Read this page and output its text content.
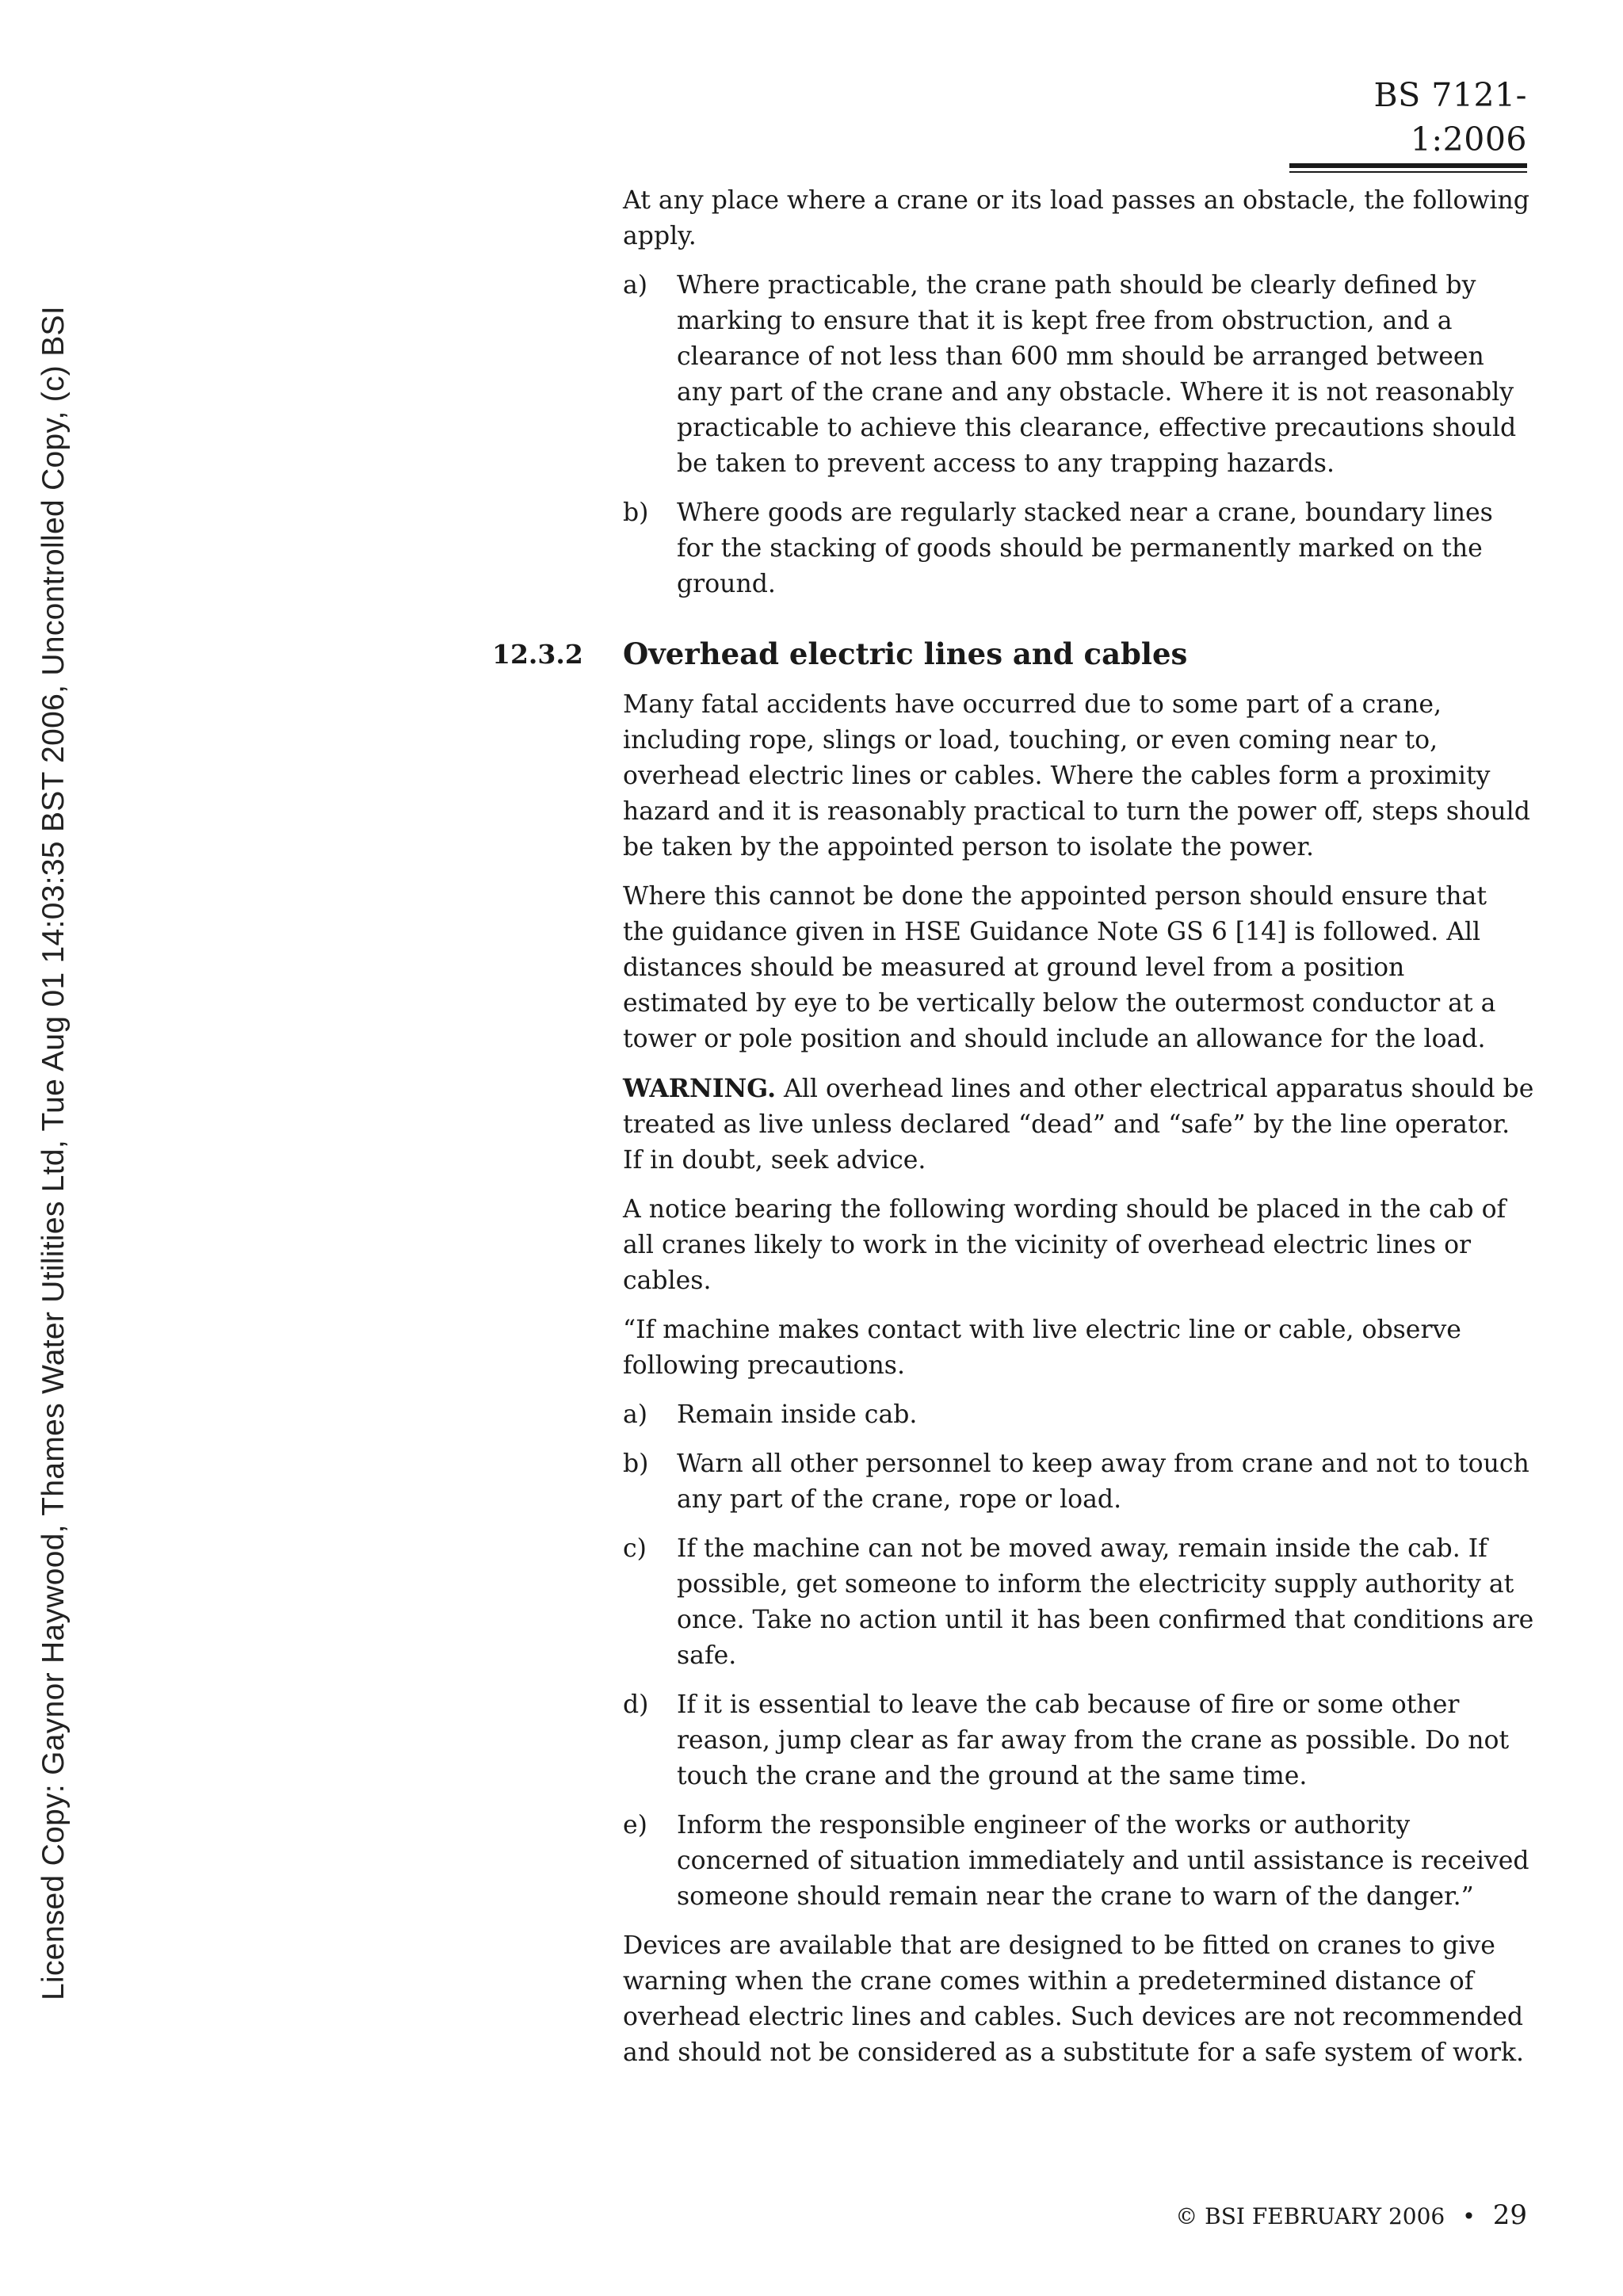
BS 7121-1:2006
Licensed Copy: Gaynor Haywood, Thames Water Utilities Ltd, Tue Aug 01 14:03:35 BST 2006, Uncontrolled Copy, (c) BSI

At any place where a crane or its load passes an obstacle, the following apply.

a) Where practicable, the crane path should be clearly defined by marking to ensure that it is kept free from obstruction, and a clearance of not less than 600 mm should be arranged between any part of the crane and any obstacle. Where it is not reasonably practicable to achieve this clearance, effective precautions should be taken to prevent access to any trapping hazards.
b) Where goods are regularly stacked near a crane, boundary lines for the stacking of goods should be permanently marked on the ground.
12.3.2 Overhead electric lines and cables

Many fatal accidents have occurred due to some part of a crane, including rope, slings or load, touching, or even coming near to, overhead electric lines or cables. Where the cables form a proximity hazard and it is reasonably practical to turn the power off, steps should be taken by the appointed person to isolate the power.

Where this cannot be done the appointed person should ensure that the guidance given in HSE Guidance Note GS 6 [14] is followed. All distances should be measured at ground level from a position estimated by eye to be vertically below the outermost conductor at a tower or pole position and should include an allowance for the load.

WARNING. All overhead lines and other electrical apparatus should be treated as live unless declared “dead” and “safe” by the line operator. If in doubt, seek advice.

A notice bearing the following wording should be placed in the cab of all cranes likely to work in the vicinity of overhead electric lines or cables.

“If machine makes contact with live electric line or cable, observe following precautions.

a) Remain inside cab.
b) Warn all other personnel to keep away from crane and not to touch any part of the crane, rope or load.
c) If the machine can not be moved away, remain inside the cab. If possible, get someone to inform the electricity supply authority at once. Take no action until it has been confirmed that conditions are safe.
d) If it is essential to leave the cab because of fire or some other reason, jump clear as far away from the crane as possible. Do not touch the crane and the ground at the same time.
e) Inform the responsible engineer of the works or authority concerned of situation immediately and until assistance is received someone should remain near the crane to warn of the danger.”

Devices are available that are designed to be fitted on cranes to give warning when the crane comes within a predetermined distance of overhead electric lines and cables. Such devices are not recommended and should not be considered as a substitute for a safe system of work.

© BSI FEBRUARY 2006 • 29
